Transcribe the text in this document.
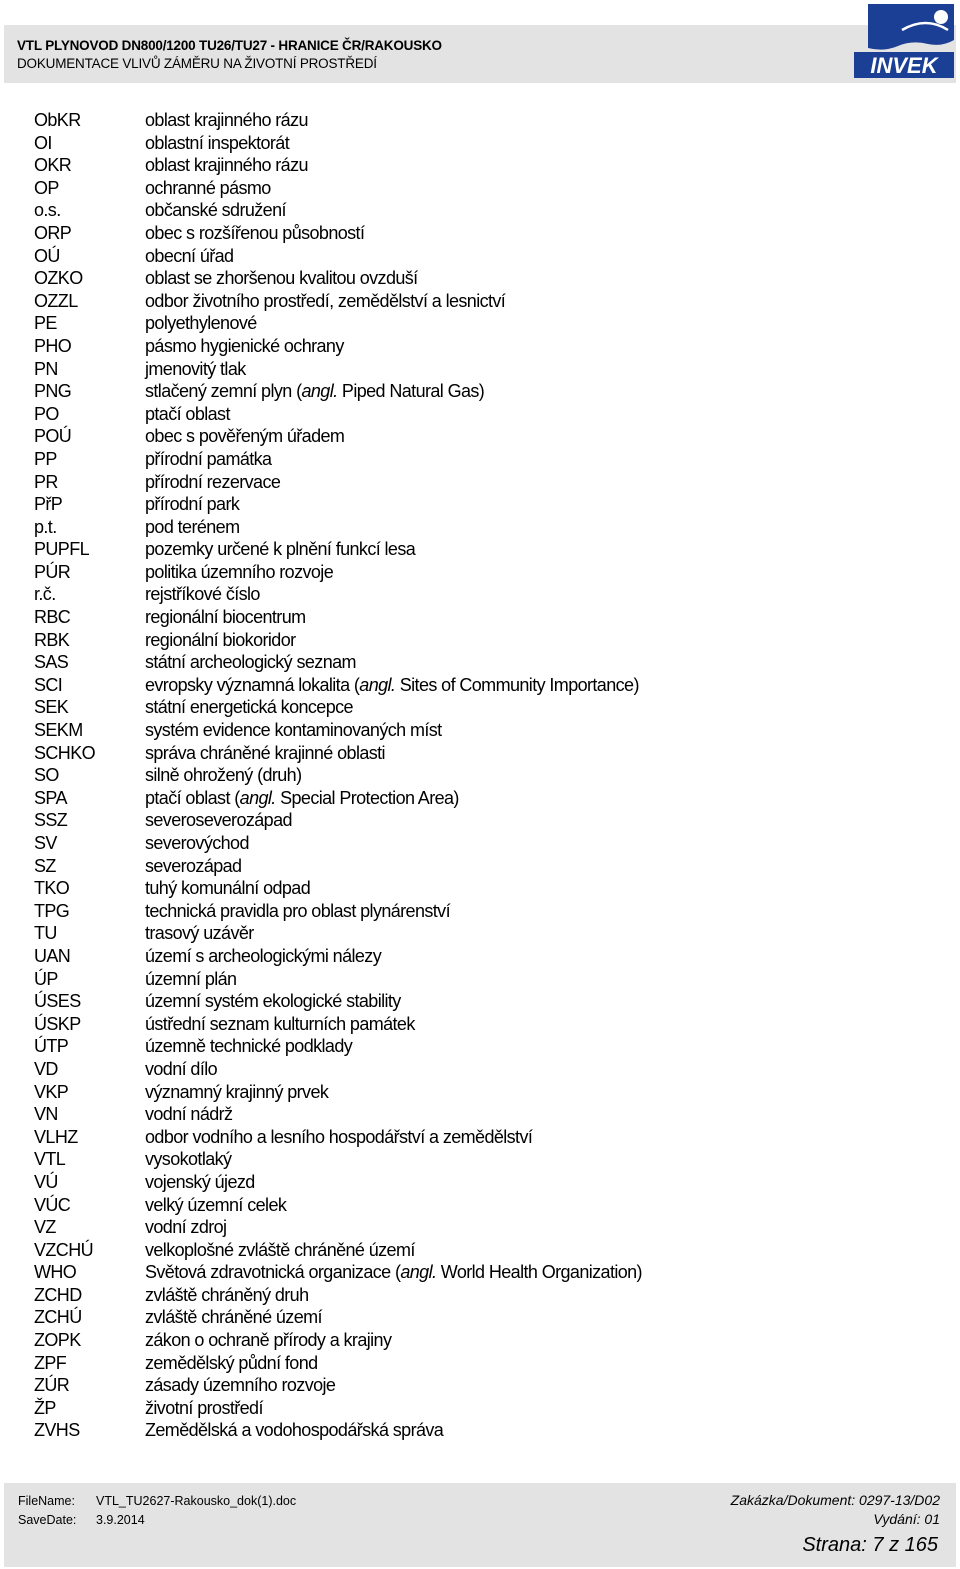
VTL PLYNOVOD DN800/1200 TU26/TU27 - HRANICE ČR/RAKOUSKO
DOKUMENTACE VLIVŮ ZÁMĚRU NA ŽIVOTNÍ PROSTŘEDÍ	INVEK
ObKR	oblast krajinného rázu
OI	oblastní inspektorát
OKR	oblast krajinného rázu
OP	ochranné pásmo
o.s.	občanské sdružení
ORP	obec s rozšířenou působností
OÚ	obecní úřad
OZKO	oblast se zhoršenou kvalitou ovzduší
OZZL	odbor životního prostředí, zemědělství a lesnictví
PE	polyethylenové
PHO	pásmo hygienické ochrany
PN	jmenovitý tlak
PNG	stlačený zemní plyn (angl. Piped Natural Gas)
PO	ptačí oblast
POÚ	obec s pověřeným úřadem
PP	přírodní památka
PR	přírodní rezervace
PřP	přírodní park
p.t.	pod terénem
PUPFL	pozemky určené k plnění funkcí lesa
PÚR	politika územního rozvoje
r.č.	rejstříkové číslo
RBC	regionální biocentrum
RBK	regionální biokoridor
SAS	státní archeologický seznam
SCI	evropsky významná lokalita (angl. Sites of Community Importance)
SEK	státní energetická koncepce
SEKM	systém evidence kontaminovaných míst
SCHKO	správa chráněné krajinné oblasti
SO	silně ohrožený (druh)
SPA	ptačí oblast (angl. Special Protection Area)
SSZ	severoseverozápad
SV	severovýchod
SZ	severozápad
TKO	tuhý komunální odpad
TPG	technická pravidla pro oblast plynárenství
TU	trasový uzávěr
UAN	území s archeologickými nálezy
ÚP	územní plán
ÚSES	územní systém ekologické stability
ÚSKP	ústřední seznam kulturních památek
ÚTP	územně technické podklady
VD	vodní dílo
VKP	významný krajinný prvek
VN	vodní nádrž
VLHZ	odbor vodního a lesního hospodářství a zemědělství
VTL	vysokotlaký
VÚ	vojenský újezd
VÚC	velký územní celek
VZ	vodní zdroj
VZCHÚ	velkoplošné zvláště chráněné území
WHO	Světová zdravotnická organizace (angl. World Health Organization)
ZCHD	zvláště chráněný druh
ZCHÚ	zvláště chráněné území
ZOPK	zákon o ochraně přírody a krajiny
ZPF	zemědělský půdní fond
ZÚR	zásady územního rozvoje
ŽP	životní prostředí
ZVHS	Zemědělská a vodohospodářská správa
FileName: VTL_TU2627-Rakousko_dok(1).doc
SaveDate: 3.9.2014
Zakázka/Dokument: 0297-13/D02
Vydání: 01
Strana: 7 z 165
